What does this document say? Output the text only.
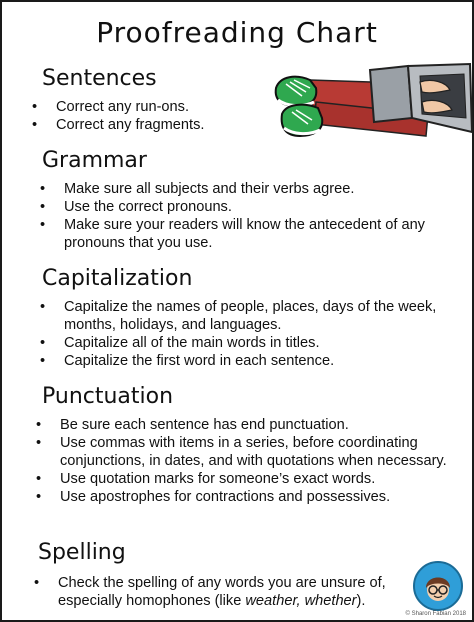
Proofreading Chart
Sentences
• Correct any run-ons.
• Correct any fragments.
Grammar
• Make sure all subjects and their verbs agree.
• Use the correct pronouns.
• Make sure your readers will know the antecedent of any pronouns that you use.
Capitalization
• Capitalize the names of people, places, days of the week, months, holidays, and languages.
• Capitalize all of the main words in titles.
• Capitalize the first word in each sentence.
Punctuation
• Be sure each sentence has end punctuation.
• Use commas with items in a series, before coordinating conjunctions, in dates, and with quotations when necessary.
• Use quotation marks for someone’s exact words.
• Use apostrophes for contractions and possessives.
Spelling
• Check the spelling of any words you are unsure of, especially homophones (like weather, whether).
© Sharon Fabian 2018
